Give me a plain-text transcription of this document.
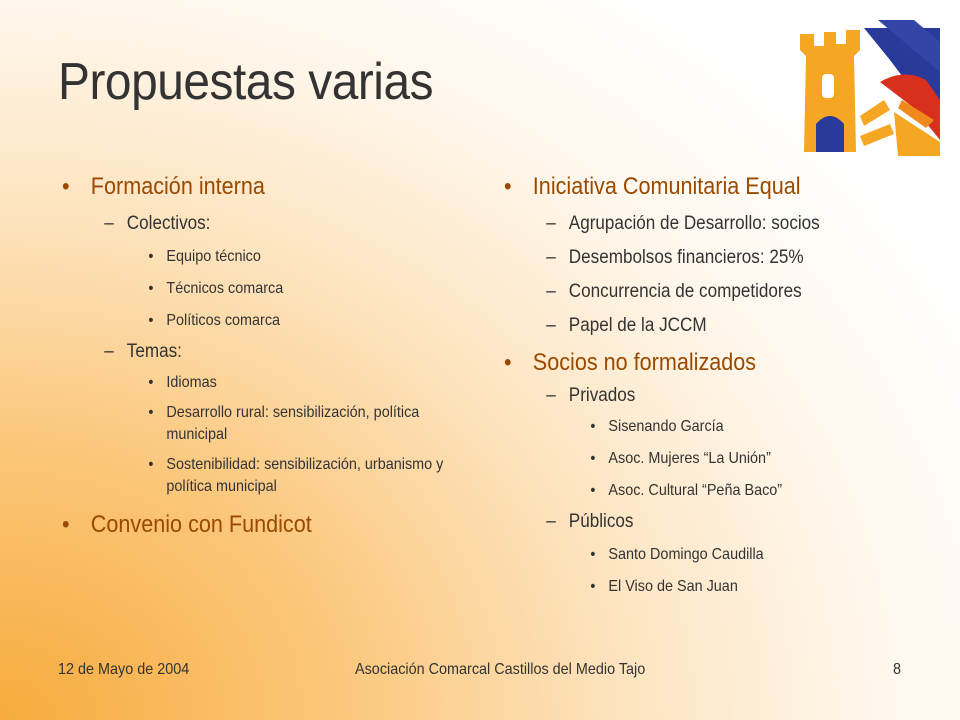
Propuestas varias
• Formación interna
– Colectivos:
• Equipo técnico
• Técnicos comarca
• Políticos comarca
– Temas:
• Idiomas
• Desarrollo rural: sensibilización, política municipal
• Sostenibilidad: sensibilización, urbanismo y política municipal
• Convenio con Fundicot
• Iniciativa Comunitaria Equal
– Agrupación de Desarrollo: socios
– Desembolsos financieros: 25%
– Concurrencia de competidores
– Papel de la JCCM
• Socios no formalizados
– Privados
• Sisenando García
• Asoc. Mujeres “La Unión”
• Asoc. Cultural “Peña Baco”
– Públicos
• Santo Domingo Caudilla
• El Viso de San Juan
12 de Mayo de 2004	Asociación Comarcal Castillos del Medio Tajo	8
